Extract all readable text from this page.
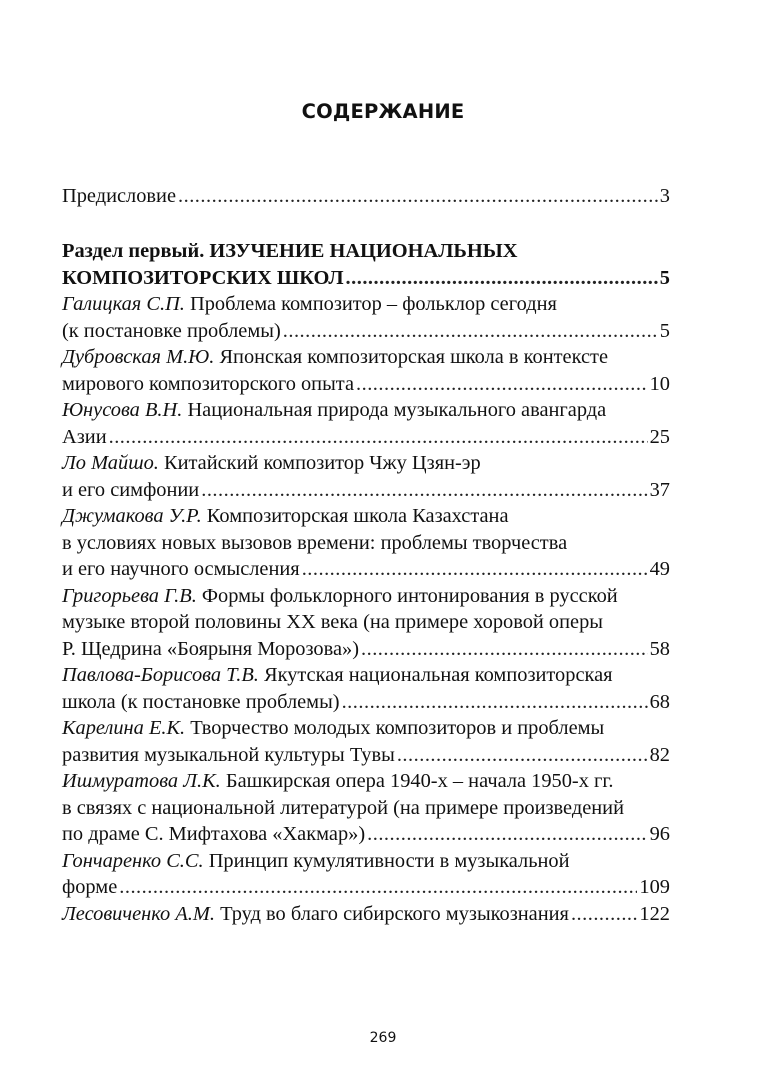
СОДЕРЖАНИЕ
Предисловие .....	3
Раздел первый. ИЗУЧЕНИЕ НАЦИОНАЛЬНЫХ
КОМПОЗИТОРСКИХ ШКОЛ .....	5
Галицкая С.П. Проблема композитор – фольклор сегодня
(к постановке проблемы) .....	5
Дубровская М.Ю. Японская композиторская школа в контексте
мирового композиторского опыта .....	10
Юнусова В.Н. Национальная природа музыкального авангарда
Азии .....	25
Ло Майшо. Китайский композитор Чжу Цзян-эр
и его симфонии .....	37
Джумакова У.Р. Композиторская школа Казахстана
в условиях новых вызовов времени: проблемы творчества
и его научного осмысления .....	49
Григорьева Г.В. Формы фольклорного интонирования в русской
музыке второй половины XX века (на примере хоровой оперы
Р. Щедрина «Боярыня Морозова») .....	58
Павлова-Борисова Т.В. Якутская национальная композиторская
школа (к постановке проблемы) .....	68
Карелина Е.К. Творчество молодых композиторов и проблемы
развития музыкальной культуры Тувы .....	82
Ишмуратова Л.К. Башкирская опера 1940-х – начала 1950-х гг.
в связях с национальной литературой (на примере произведений
по драме С. Мифтахова «Хакмар») .....	96
Гончаренко С.С. Принцип кумулятивности в музыкальной
форме .....	109
Лесовиченко А.М. Труд во благо сибирского музыкознания .....	122
269
